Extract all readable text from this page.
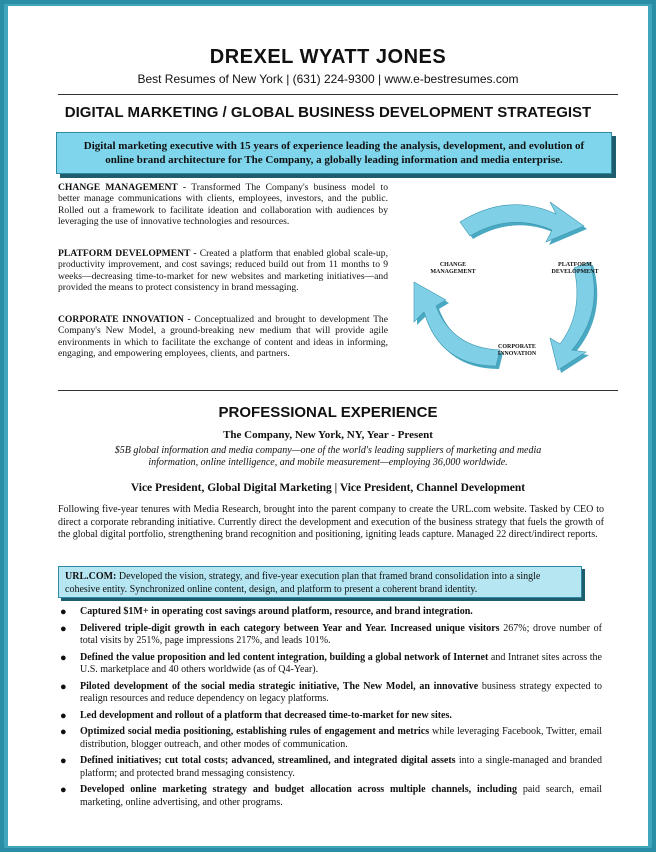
DREXEL WYATT JONES
Best Resumes of New York | (631) 224-9300 | www.e-bestresumes.com
DIGITAL MARKETING / GLOBAL BUSINESS DEVELOPMENT STRATEGIST
Digital marketing executive with 15 years of experience leading the analysis, development, and evolution of
online brand architecture for The Company, a globally leading information and media enterprise.
CHANGE MANAGEMENT - Transformed The Company's business model to better manage communications with clients, employees, investors, and the public. Rolled out a framework to facilitate ideation and collaboration with audiences by leveraging the use of innovative technologies and resources.
PLATFORM DEVELOPMENT - Created a platform that enabled global scale-up, productivity improvement, and cost savings; reduced build out from 11 months to 9 weeks—decreasing time-to-market for new websites and marketing initiatives—and provided the means to protect consistency in brand messaging.
CORPORATE INNOVATION - Conceptualized and brought to development The Company's New Model, a ground-breaking new medium that will provide agile environments in which to facilitate the exchange of content and ideas in informing, engaging, and empowering employees, clients, and partners.
CHANGE
MANAGEMENT
PLATFORM
DEVELOPMENT
CORPORATE
INNOVATION
PROFESSIONAL EXPERIENCE
The Company, New York, NY, Year - Present
$5B global information and media company—one of the world's leading suppliers of marketing and media
information, online intelligence, and mobile measurement—employing 36,000 worldwide.
Vice President, Global Digital Marketing | Vice President, Channel Development
Following five-year tenures with Media Research, brought into the parent company to create the URL.com website. Tasked by CEO to direct a corporate rebranding initiative. Currently direct the development and execution of the business strategy that fuels the growth of the global digital portfolio, strengthening brand recognition and positioning, igniting leads capture. Managed 22 direct/indirect reports.
URL.COM: Developed the vision, strategy, and five-year execution plan that framed brand consolidation into a single cohesive entity. Synchronized online content, design, and platform to present a coherent brand identity.
● Captured $1M+ in operating cost savings around platform, resource, and brand integration.
● Delivered triple-digit growth in each category between Year and Year. Increased unique visitors 267%; drove number of total visits by 251%, page impressions 217%, and leads 101%.
● Defined the value proposition and led content integration, building a global network of Internet and Intranet sites across the U.S. marketplace and 40 others worldwide (as of Q4-Year).
● Piloted development of the social media strategic initiative, The New Model, an innovative business strategy expected to realign resources and reduce dependency on legacy platforms.
● Led development and rollout of a platform that decreased time-to-market for new sites.
● Optimized social media positioning, establishing rules of engagement and metrics while leveraging Facebook, Twitter, email distribution, blogger outreach, and other modes of communication.
● Defined initiatives; cut total costs; advanced, streamlined, and integrated digital assets into a single-managed and branded platform; and protected brand messaging consistency.
● Developed online marketing strategy and budget allocation across multiple channels, including paid search, email marketing, online advertising, and other programs.
